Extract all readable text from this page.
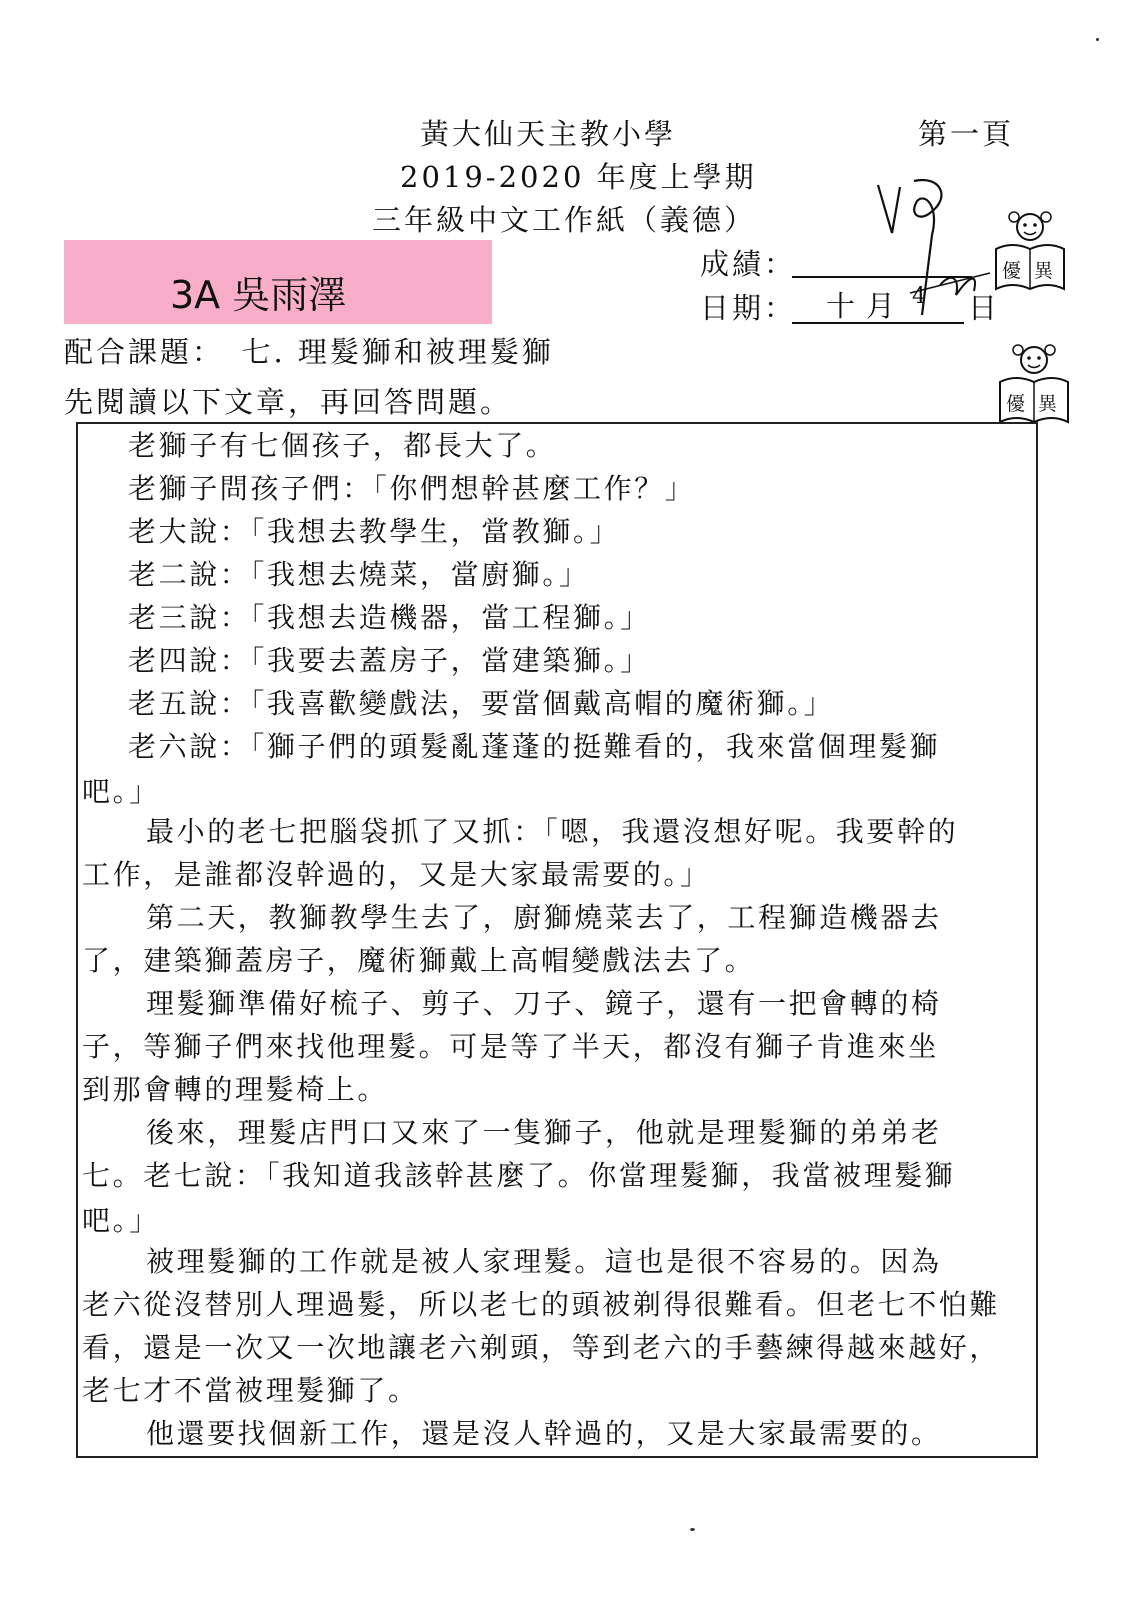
黃大仙天主教小學
2019-2020 年度上學期
三年級中文工作紙（義德）
第一頁
3A 吳雨澤
成績：
日期： 十 月 4 日
優 異
優 異
配合課題：　七. 理髮獅和被理髮獅
先閱讀以下文章，再回答問題。
老獅子有七個孩子，都長大了。
老獅子問孩子們：「你們想幹甚麼工作？」
老大說：「我想去教學生，當教獅。」
老二說：「我想去燒菜，當廚獅。」
老三說：「我想去造機器，當工程獅。」
老四說：「我要去蓋房子，當建築獅。」
老五說：「我喜歡變戲法，要當個戴高帽的魔術獅。」
老六說：「獅子們的頭髮亂蓬蓬的挺難看的，我來當個理髮獅
吧。」
最小的老七把腦袋抓了又抓：「嗯，我還沒想好呢。我要幹的
工作，是誰都沒幹過的，又是大家最需要的。」
第二天，教獅教學生去了，廚獅燒菜去了，工程獅造機器去
了，建築獅蓋房子，魔術獅戴上高帽變戲法去了。
理髮獅準備好梳子、剪子、刀子、鏡子，還有一把會轉的椅
子，等獅子們來找他理髮。可是等了半天，都沒有獅子肯進來坐
到那會轉的理髮椅上。
後來，理髮店門口又來了一隻獅子，他就是理髮獅的弟弟老
七。老七說：「我知道我該幹甚麼了。你當理髮獅，我當被理髮獅
吧。」
被理髮獅的工作就是被人家理髮。這也是很不容易的。因為
老六從沒替別人理過髮，所以老七的頭被剃得很難看。但老七不怕難
看，還是一次又一次地讓老六剃頭，等到老六的手藝練得越來越好，
老七才不當被理髮獅了。
他還要找個新工作，還是沒人幹過的，又是大家最需要的。
